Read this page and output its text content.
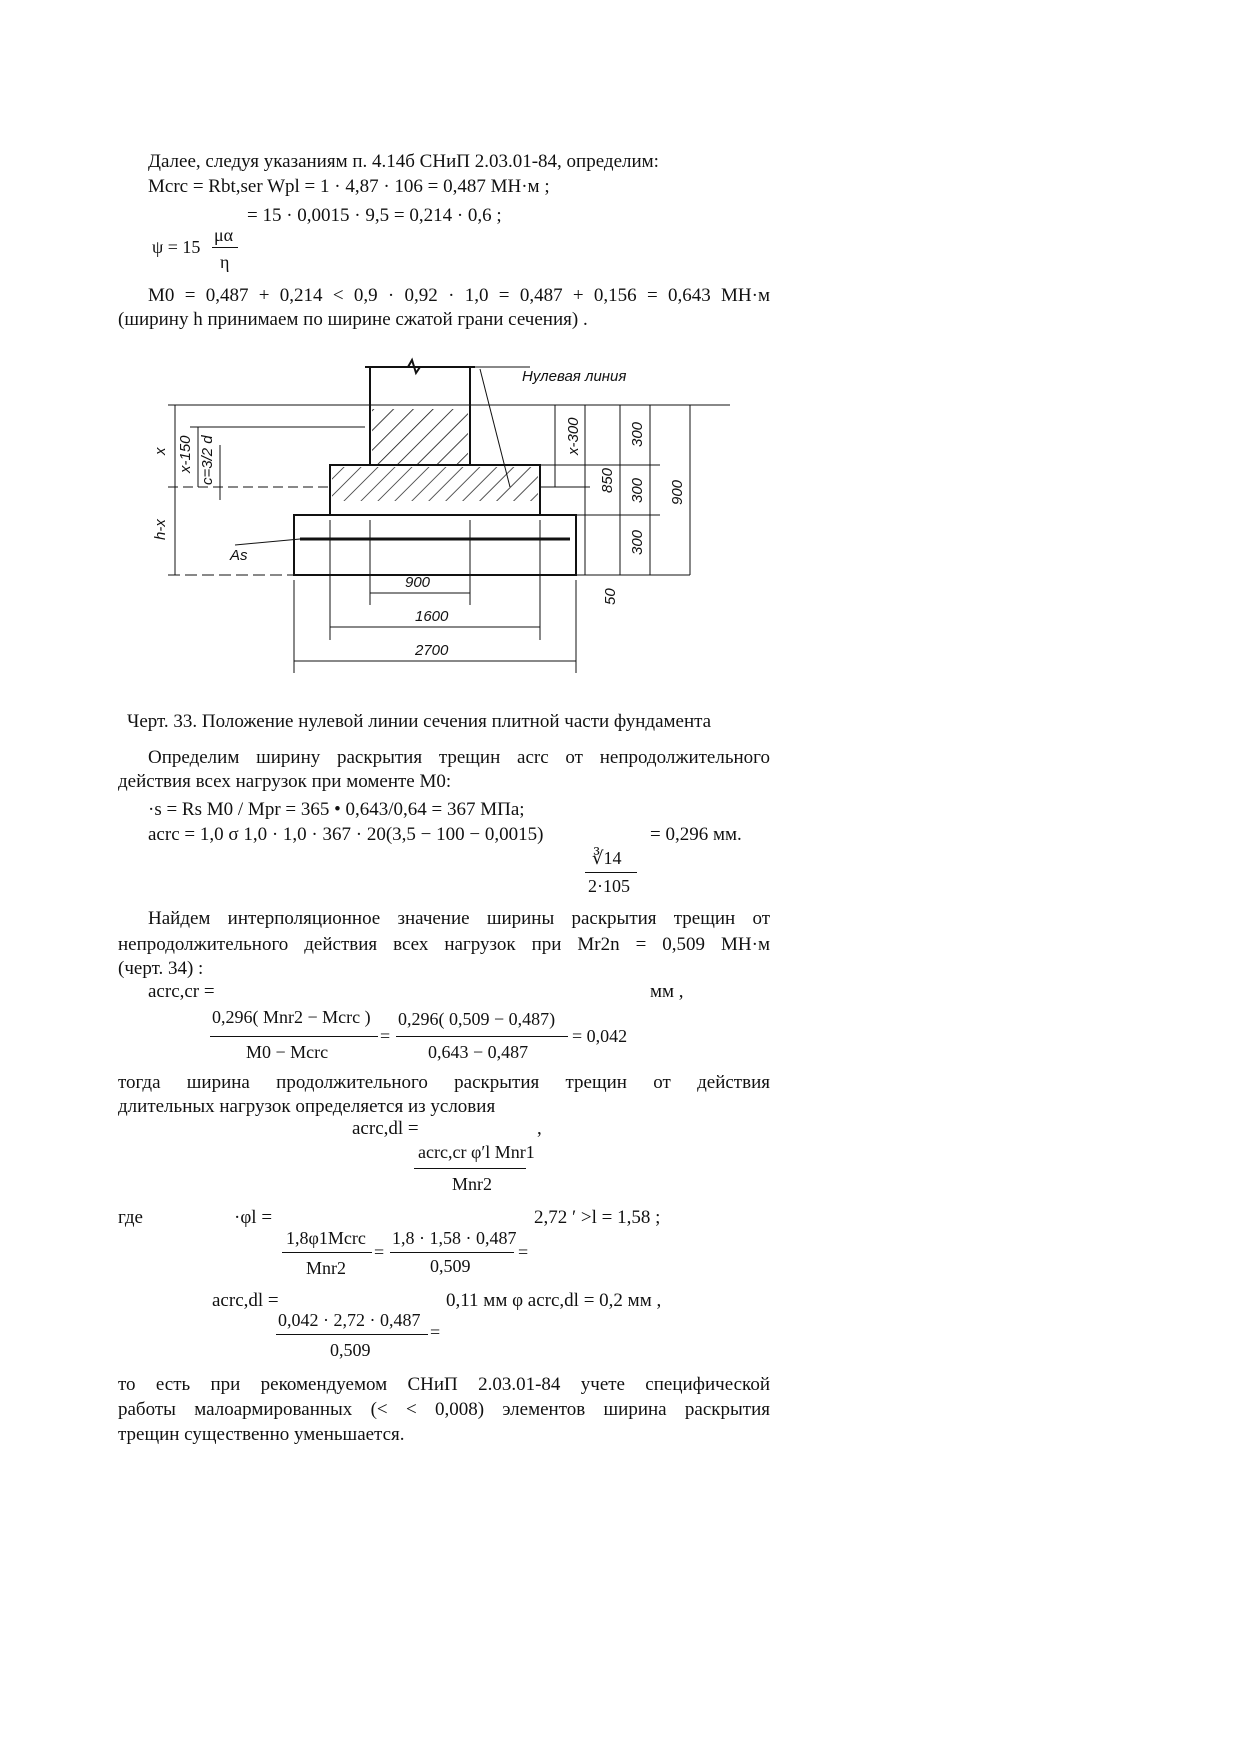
Далее, следуя указаниям п. 4.14б СНиП 2.03.01-84, определим:
Mcrc = Rbt,ser Wpl = 1 · 4,87 · 106 = 0,487 МН·м ;
= 15 · 0,0015 · 9,5 = 0,214 · 0,6 ;
ψ = 15
μα
η
M0 = 0,487 + 0,214 < 0,9 · 0,92 · 1,0 = 0,487 + 0,156 = 0,643 МН·м
(ширину h принимаем по ширине сжатой грани сечения) .
Нулевая линия
x x-150 c=3/2 d
h-x
As
x-300
850
300
300
300
900
50
900
1600
2700
Черт. 33. Положение нулевой линии сечения плитной части фундамента
Определим ширину раскрытия трещин acrc от непродолжительного
действия всех нагрузок при моменте M0:
·s = Rs M0 / Mpr = 365 • 0,643/0,64 = 367 МПа;
acrc = 1,0 σ 1,0 · 1,0 · 367 · 20(3,5 − 100 − 0,0015)	= 0,296 мм.
∛14
2·105
Найдем интерполяционное значение ширины раскрытия трещин от
непродолжительного действия всех нагрузок при Mr2n = 0,509 МН·м
(черт. 34) :
acrc,cr =	мм ,
0,296( Mnr2 − Mcrc )
M0 − Mcrc
=
0,296( 0,509 − 0,487)
0,643 − 0,487
= 0,042
тогда ширина продолжительного раскрытия трещин от действия
длительных нагрузок определяется из условия
acrc,dl =	,
acrc,cr φ′l Mnr1
Mnr2
где	·φl =	2,72 ′ >l = 1,58 ;
1,8φ1Mcrc
Mnr2
=
1,8 · 1,58 · 0,487
0,509
=
acrc,dl =	0,11 мм φ acrc,dl = 0,2 мм ,
0,042 · 2,72 · 0,487
0,509
=
то есть при рекомендуемом СНиП 2.03.01-84 учете специфической
работы малоармированных (< < 0,008) элементов ширина раскрытия
трещин существенно уменьшается.
